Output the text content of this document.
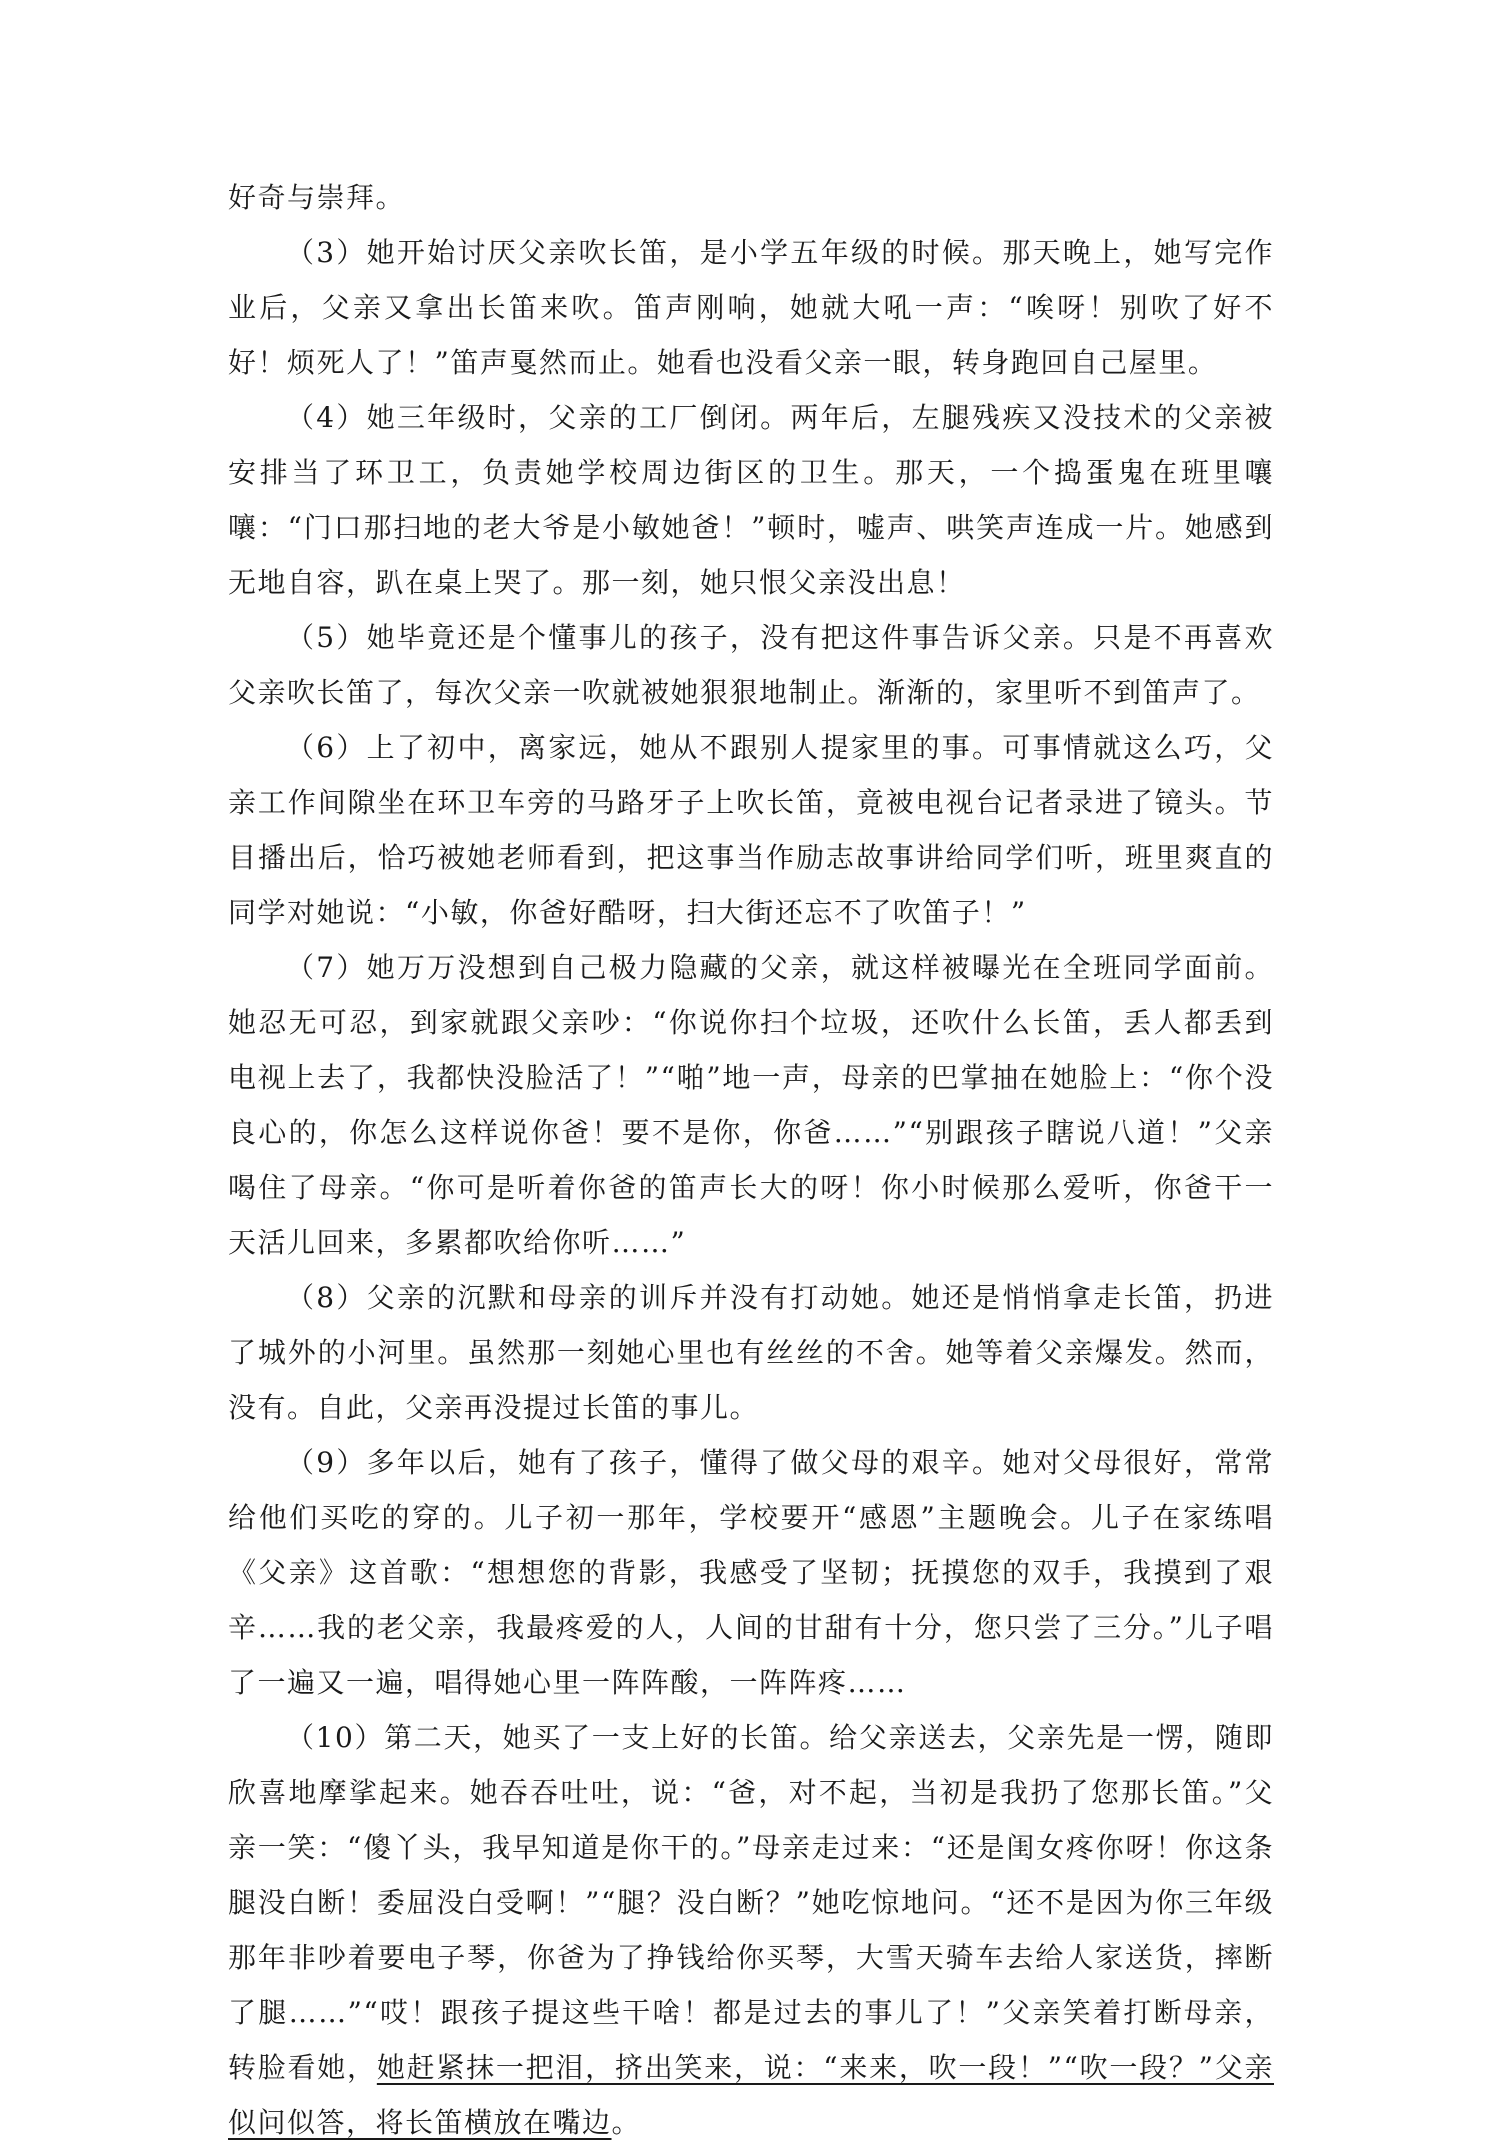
好奇与崇拜。

（3）她开始讨厌父亲吹长笛，是小学五年级的时候。那天晚上，她写完作业后，父亲又拿出长笛来吹。笛声刚响，她就大吼一声：“唉呀！别吹了好不好！烦死人了！”笛声戛然而止。她看也没看父亲一眼，转身跑回自己屋里。

（4）她三年级时，父亲的工厂倒闭。两年后，左腿残疾又没技术的父亲被安排当了环卫工，负责她学校周边街区的卫生。那天，一个捣蛋鬼在班里嚷嚷：“门口那扫地的老大爷是小敏她爸！”顿时，嘘声、哄笑声连成一片。她感到无地自容，趴在桌上哭了。那一刻，她只恨父亲没出息！

（5）她毕竟还是个懂事儿的孩子，没有把这件事告诉父亲。只是不再喜欢父亲吹长笛了，每次父亲一吹就被她狠狠地制止。渐渐的，家里听不到笛声了。

（6）上了初中，离家远，她从不跟别人提家里的事。可事情就这么巧，父亲工作间隙坐在环卫车旁的马路牙子上吹长笛，竟被电视台记者录进了镜头。节目播出后，恰巧被她老师看到，把这事当作励志故事讲给同学们听，班里爽直的同学对她说：“小敏，你爸好酷呀，扫大街还忘不了吹笛子！”

（7）她万万没想到自己极力隐藏的父亲，就这样被曝光在全班同学面前。她忍无可忍，到家就跟父亲吵：“你说你扫个垃圾，还吹什么长笛，丢人都丢到电视上去了，我都快没脸活了！”“啪”地一声，母亲的巴掌抽在她脸上：“你个没良心的，你怎么这样说你爸！要不是你，你爸……”“别跟孩子瞎说八道！”父亲喝住了母亲。“你可是听着你爸的笛声长大的呀！你小时候那么爱听，你爸干一天活儿回来，多累都吹给你听……”

（8）父亲的沉默和母亲的训斥并没有打动她。她还是悄悄拿走长笛，扔进了城外的小河里。虽然那一刻她心里也有丝丝的不舍。她等着父亲爆发。然而，没有。自此，父亲再没提过长笛的事儿。

（9）多年以后，她有了孩子，懂得了做父母的艰辛。她对父母很好，常常给他们买吃的穿的。儿子初一那年，学校要开“感恩”主题晚会。儿子在家练唱《父亲》这首歌：“想想您的背影，我感受了坚韧；抚摸您的双手，我摸到了艰辛……我的老父亲，我最疼爱的人，人间的甘甜有十分，您只尝了三分。”儿子唱了一遍又一遍，唱得她心里一阵阵酸，一阵阵疼……

（10）第二天，她买了一支上好的长笛。给父亲送去，父亲先是一愣，随即欣喜地摩挲起来。她吞吞吐吐，说：“爸，对不起，当初是我扔了您那长笛。”父亲一笑：“傻丫头，我早知道是你干的。”母亲走过来：“还是闺女疼你呀！你这条腿没白断！委屈没白受啊！”“腿？没白断？”她吃惊地问。“还不是因为你三年级那年非吵着要电子琴，你爸为了挣钱给你买琴，大雪天骑车去给人家送货，摔断了腿……”“哎！跟孩子提这些干啥！都是过去的事儿了！”父亲笑着打断母亲，转脸看她，她赶紧抹一把泪，挤出笑来，说：“来来，吹一段！”“吹一段？”父亲似问似答，将长笛横放在嘴边。
